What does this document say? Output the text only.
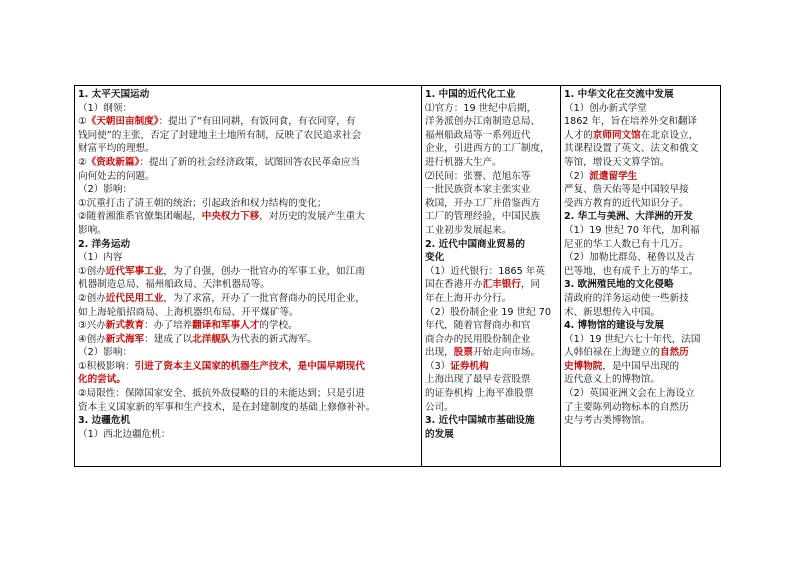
1. 太平天国运动
（1）纲领：
①《天朝田亩制度》：提出了“有田同耕，有饭同食，有衣同穿，有
钱同使”的主张，否定了封建地主土地所有制，反映了农民追求社会
财富平均的理想。
②《资政新篇》：提出了新的社会经济政策，试图回答农民革命应当
向何处去的问题。
（2）影响：
①沉重打击了清王朝的统治；引起政治和权力结构的变化；
②随着湘淮系官僚集团崛起，中央权力下移，对历史的发展产生重大
影响。
2. 洋务运动
（1）内容
①创办近代军事工业，为了自强，创办一批官办的军事工业，如江南
机器制造总局、福州船政局、天津机器局等。
②创办近代民用工业，为了求富，开办了一批官督商办的民用企业，
如上海轮船招商局、上海机器织布局、开平煤矿等。
③兴办新式教育：办了培养翻译和军事人才的学校。
④创办新式海军：建成了以北洋舰队为代表的新式海军。
（2）影响：
①积极影响：引进了资本主义国家的机器生产技术，是中国早期现代
化的尝试。
②局限性：保障国家安全、抵抗外敌侵略的目的未能达到；只是引进
资本主义国家新的军事和生产技术，是在封建制度的基础上修修补补。
3. 边疆危机
（1）西北边疆危机：
1. 中国的近代化工业
⑴官方：19 世纪中后期，
洋务派创办江南制造总局、
福州船政局等一系列近代
企业，引进西方的工厂制度，
进行机器大生产。
⑵民间：张謇、范旭东等
一批民族资本家主张实业
救国，开办工厂并借鉴西方
工厂的管理经验，中国民族
工业初步发展起来。
2. 近代中国商业贸易的
变化
（1）近代银行：1865 年英
国在香港开办汇丰银行，同
年在上海开办分行。
（2）股份制企业 19 世纪 70
年代，随着官督商办和官
商合办的民用股份制企业
出现，股票开始走向市场。
（3）证券机构
上海出现了最早专营股票
的证券机构 上海平准股票
公司。
3. 近代中国城市基础设施
的发展
1. 中华文化在交流中发展
（1）创办新式学堂
1862 年，旨在培养外交和翻译
人才的京师同文馆在北京设立，
其课程设置了英文、法文和俄文
等馆，增设天文算学馆。
（2）派遣留学生
严复、詹天佑等是中国较早接
受西方教育的近代知识分子。
2. 华工与美洲、大洋洲的开发
（1）19 世纪 70 年代，加利福
尼亚的华工人数已有十几万。
（2）加勒比群岛、秘鲁以及古
巴等地，也有成千上万的华工。
3. 欧洲殖民地的文化侵略
清政府的洋务运动使一些新技
术、新思想传入中国。
4. 博物馆的建设与发展
（1）19 世纪六七十年代，法国
人韩伯禄在上海建立的自然历
史博物院，是中国早出现的
近代意义上的博物馆。
（2）英国亚洲文会在上海设立
了主要陈列动物标本的自然历
史与考古类博物馆。
